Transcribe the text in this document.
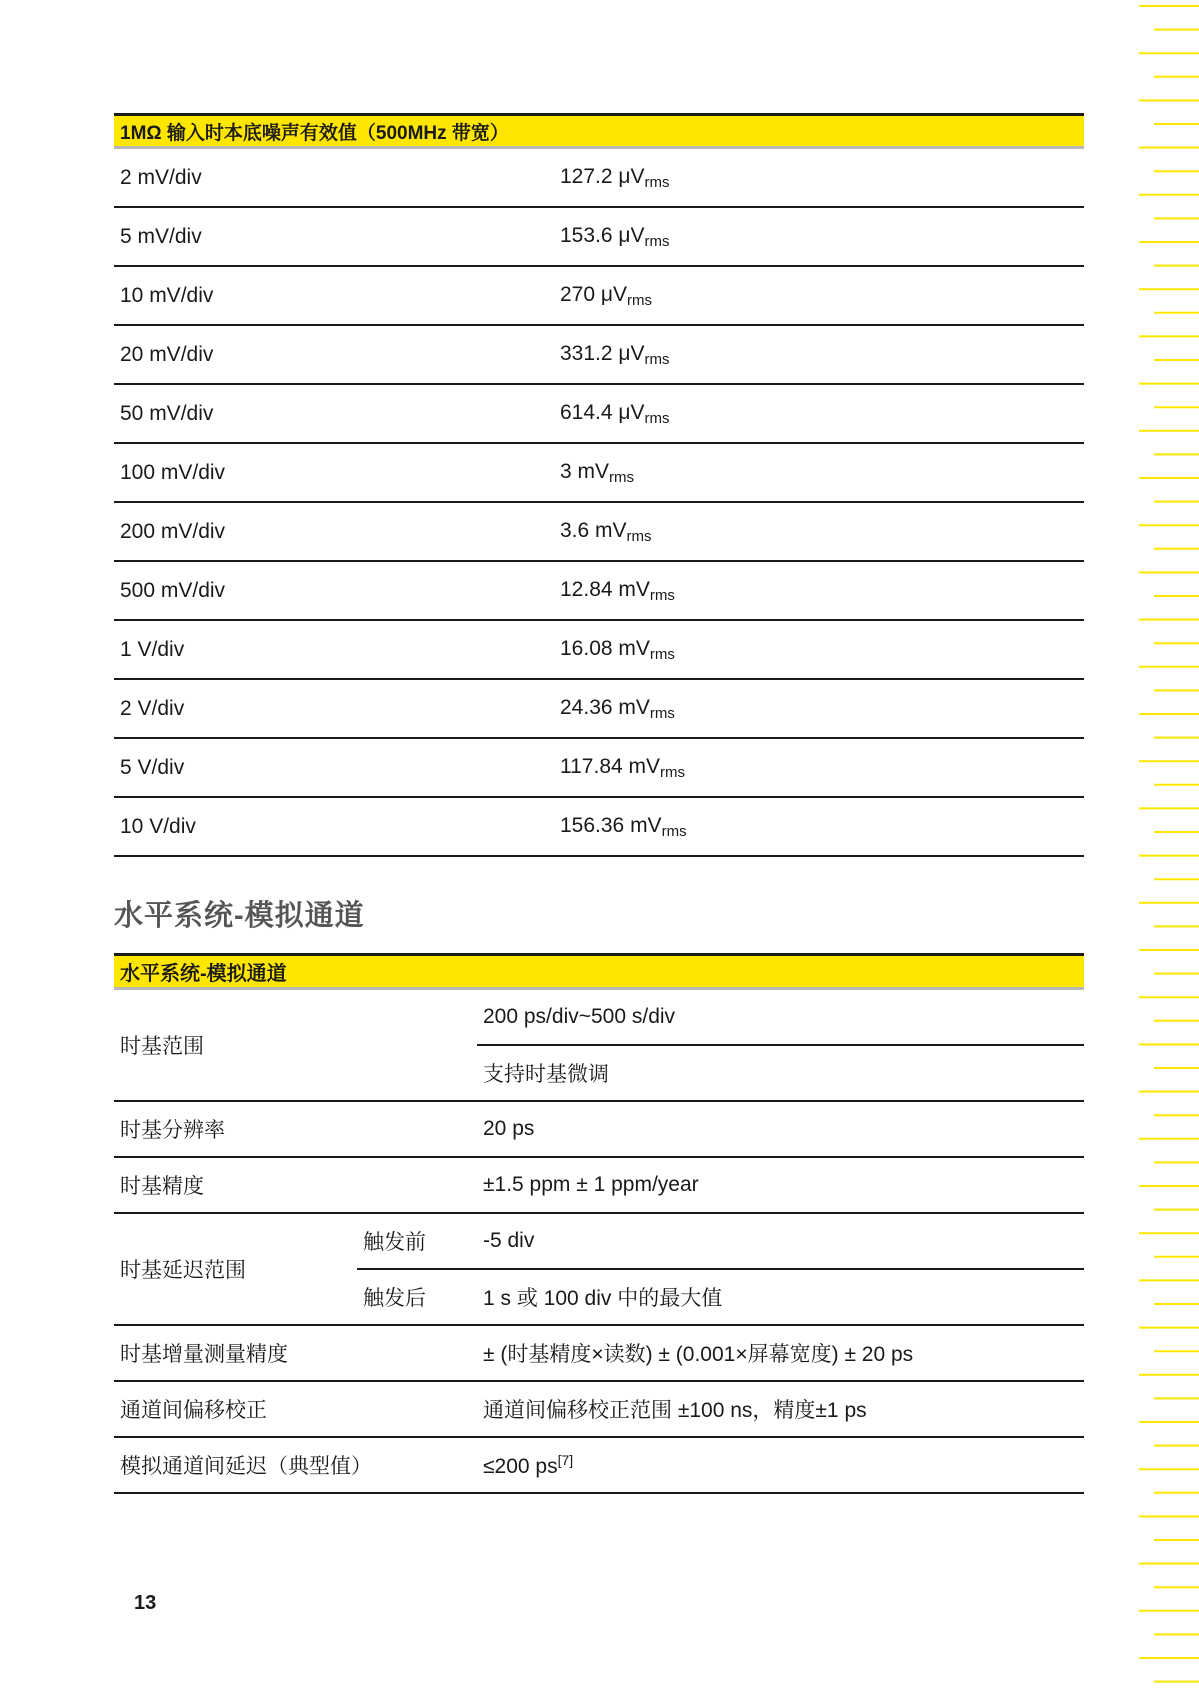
1MΩ 输入时本底噪声有效值（500MHz 带宽）	
2 mV/div	127.2 $\mu V_{rms}$
5 mV/div	153.6 $\mu V_{rms}$
10 mV/div	270 $\mu V_{rms}$
20 mV/div	331.2 $\mu V_{rms}$
50 mV/div	614.4 $\mu V_{rms}$
100 mV/div	3 $mV_{rms}$
200 mV/div	3.6 $mV_{rms}$
500 mV/div	12.84 $mV_{rms}$
1 V/div	16.08 $mV_{rms}$
2 V/div	24.36 $mV_{rms}$
5 V/div	117.84 $mV_{rms}$
10 V/div	156.36 $mV_{rms}$
水平系统-模拟通道
水平系统-模拟通道		
时基范围		200 ps/div~500 s/div
		支持时基微调
时基分辨率		20 ps
时基精度		±1.5 ppm ± 1 ppm/year
时基延迟范围	触发前	-5 div
	触发后	1 s 或 100 div 中的最大值
时基增量测量精度		± (时基精度×读数) ± (0.001×屏幕宽度) ± 20 ps
通道间偏移校正		通道间偏移校正范围 ±100 ns，精度±1 ps
模拟通道间延迟（典型值）		≤200 ps[7]
13
